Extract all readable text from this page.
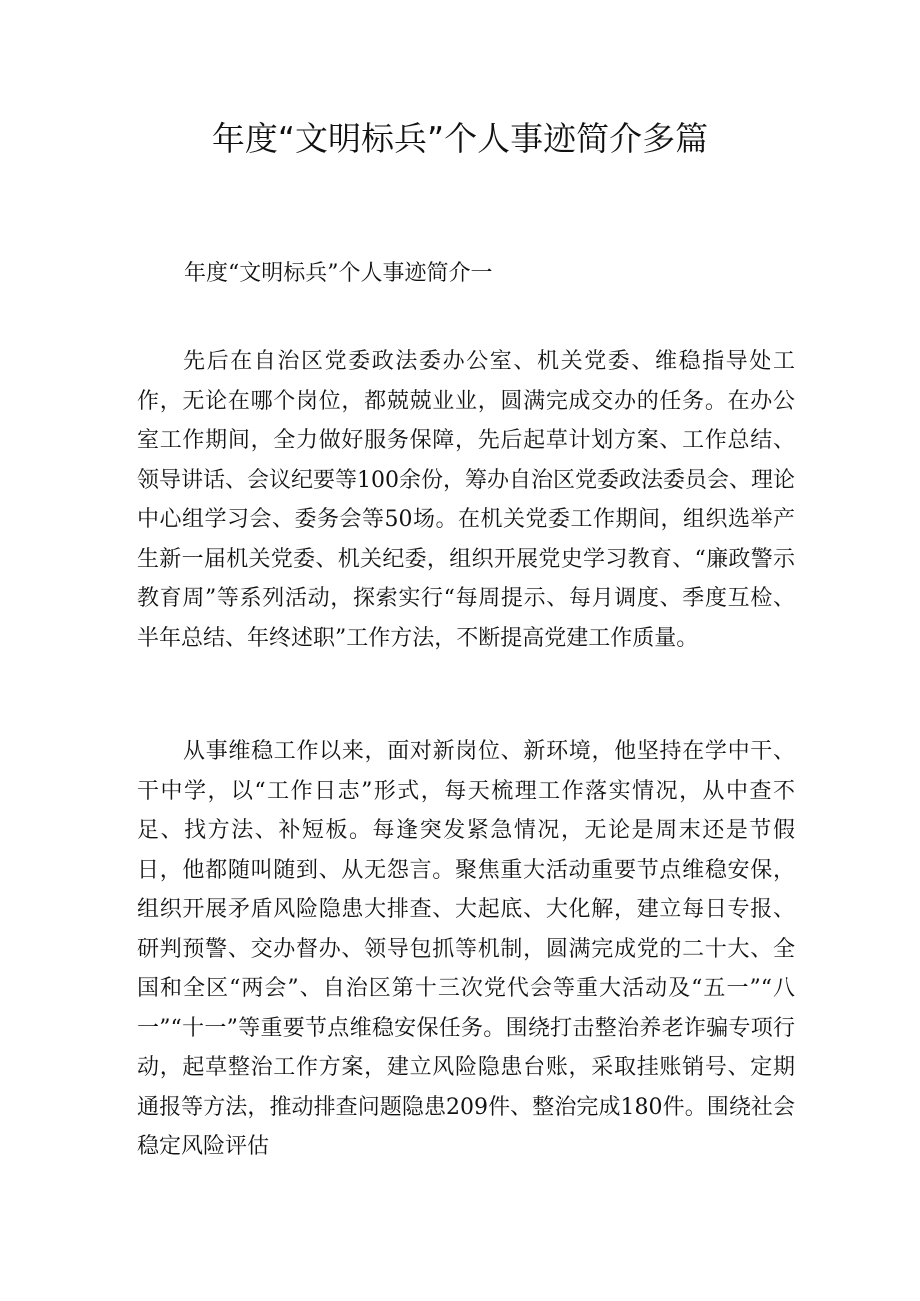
年度“文明标兵”个人事迹简介多篇

年度“文明标兵”个人事迹简介一

先后在自治区党委政法委办公室、机关党委、维稳指导处工作，无论在哪个岗位，都兢兢业业，圆满完成交办的任务。在办公室工作期间，全力做好服务保障，先后起草计划方案、工作总结、领导讲话、会议纪要等100余份，筹办自治区党委政法委员会、理论中心组学习会、委务会等50场。在机关党委工作期间，组织选举产生新一届机关党委、机关纪委，组织开展党史学习教育、“廉政警示教育周”等系列活动，探索实行“每周提示、每月调度、季度互检、半年总结、年终述职”工作方法，不断提高党建工作质量。

从事维稳工作以来，面对新岗位、新环境，他坚持在学中干、干中学，以“工作日志”形式，每天梳理工作落实情况，从中查不足、找方法、补短板。每逢突发紧急情况，无论是周末还是节假日，他都随叫随到、从无怨言。聚焦重大活动重要节点维稳安保，组织开展矛盾风险隐患大排查、大起底、大化解，建立每日专报、研判预警、交办督办、领导包抓等机制，圆满完成党的二十大、全国和全区“两会”、自治区第十三次党代会等重大活动及“五一”“八一”“十一”等重要节点维稳安保任务。围绕打击整治养老诈骗专项行动，起草整治工作方案，建立风险隐患台账，采取挂账销号、定期通报等方法，推动排查问题隐患209件、整治完成180件。围绕社会稳定风险评估
